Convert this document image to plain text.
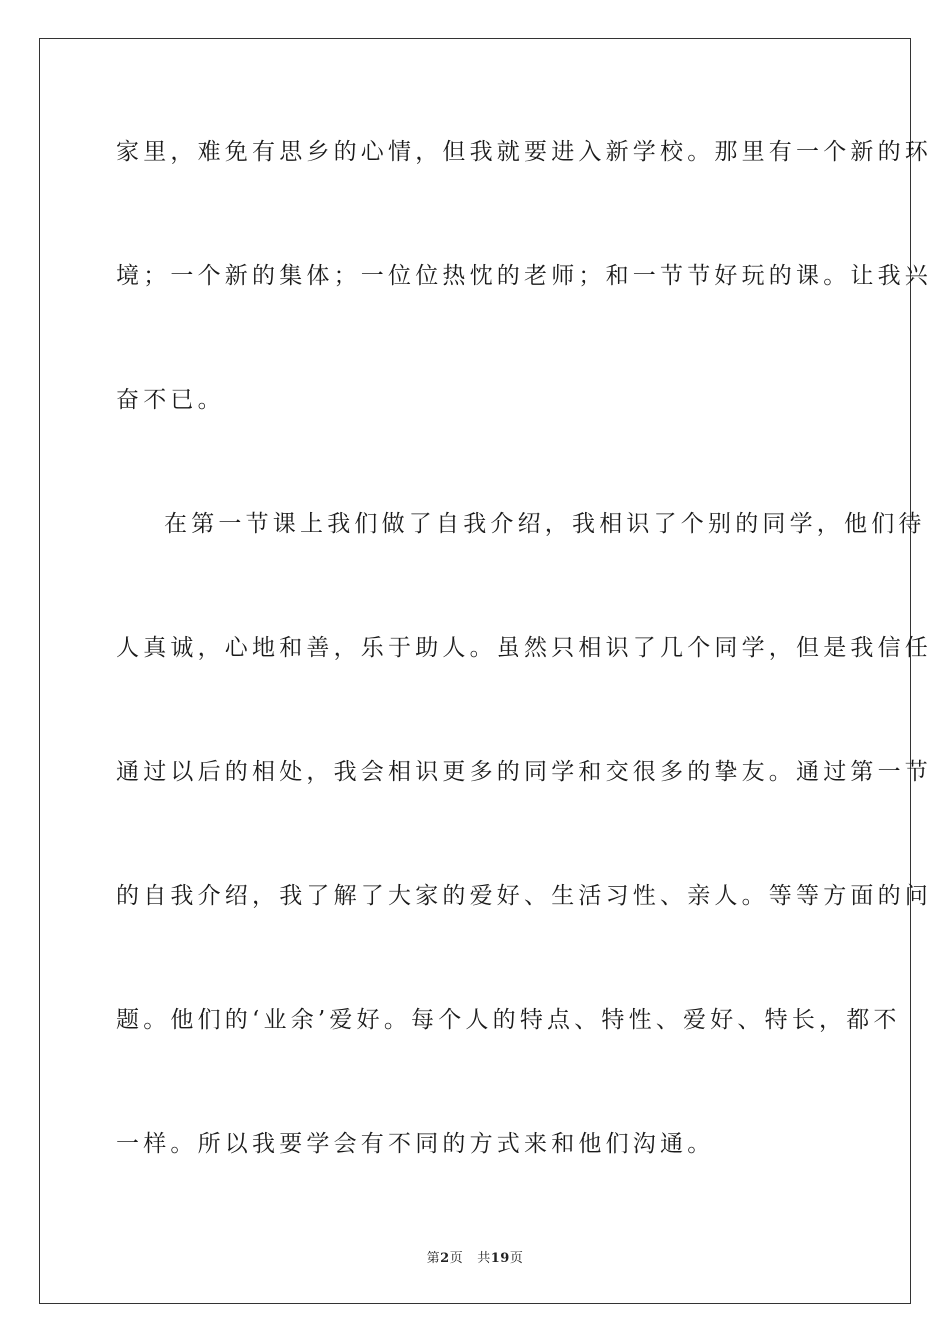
家里，难免有思乡的心情，但我就要进入新学校。那里有一个新的环
境；一个新的集体；一位位热忱的老师；和一节节好玩的课。让我兴
奋不已。
在第一节课上我们做了自我介绍，我相识了个别的同学，他们待
人真诚，心地和善，乐于助人。虽然只相识了几个同学，但是我信任
通过以后的相处，我会相识更多的同学和交很多的挚友。通过第一节
的自我介绍，我了解了大家的爱好、生活习性、亲人。等等方面的问
题。他们的‘业余’爱好。每个人的特点、特性、爱好、特长，都不
一样。所以我要学会有不同的方式来和他们沟通。
第2页 共19页
